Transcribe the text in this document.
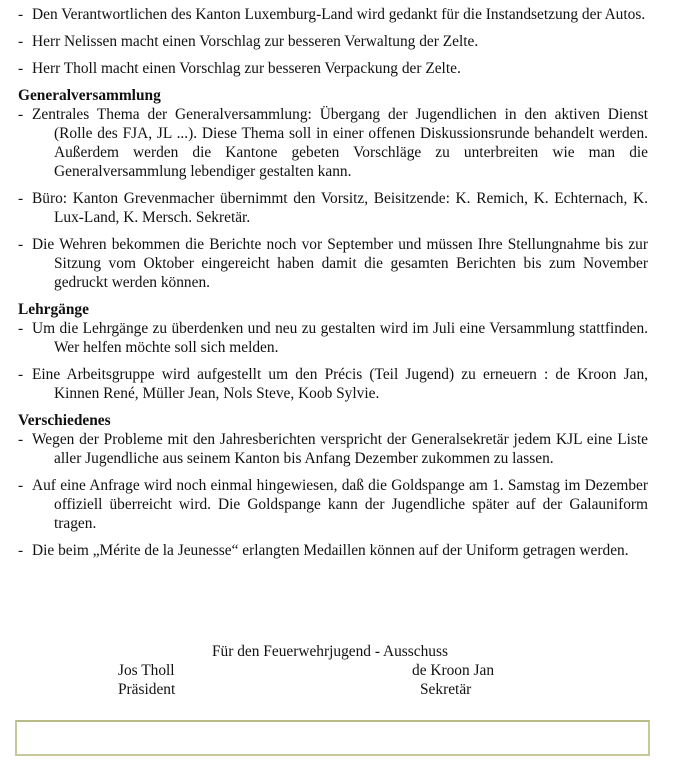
- Den Verantwortlichen des Kanton Luxemburg-Land wird gedankt für die Instandsetzung der Autos.
- Herr Nelissen macht einen Vorschlag zur besseren Verwaltung der Zelte.
- Herr Tholl macht einen Vorschlag zur besseren Verpackung der Zelte.
Generalversammlung
- Zentrales Thema der Generalversammlung: Übergang der Jugendlichen in den aktiven Dienst (Rolle des FJA, JL ...). Diese Thema soll in einer offenen Diskussionsrunde behandelt werden. Außerdem werden die Kantone gebeten Vorschläge zu unterbreiten wie man die Generalversammlung lebendiger gestalten kann.
- Büro: Kanton Grevenmacher übernimmt den Vorsitz, Beisitzende: K. Remich, K. Echternach, K. Lux-Land, K. Mersch. Sekretär.
- Die Wehren bekommen die Berichte noch vor September und müssen Ihre Stellungnahme bis zur Sitzung vom Oktober eingereicht haben damit die gesamten Berichten bis zum November gedruckt werden können.
Lehrgänge
- Um die Lehrgänge zu überdenken und neu zu gestalten wird im Juli eine Versammlung stattfinden. Wer helfen möchte soll sich melden.
- Eine Arbeitsgruppe wird aufgestellt um den Précis (Teil Jugend) zu erneuern : de Kroon Jan, Kinnen René, Müller Jean, Nols Steve, Koob Sylvie.
Verschiedenes
- Wegen der Probleme mit den Jahresberichten verspricht der Generalsekretär jedem KJL eine Liste aller Jugendliche aus seinem Kanton bis Anfang Dezember zukommen zu lassen.
- Auf eine Anfrage wird noch einmal hingewiesen, daß die Goldspange am 1. Samstag im Dezember offiziell überreicht wird. Die Goldspange kann der Jugendliche später auf der Galauniform tragen.
- Die beim „Mérite de la Jeunesse“ erlangten Medaillen können auf der Uniform getragen werden.
Für den Feuerwehrjugend - Ausschuss
Jos Tholl
Präsident
de Kroon Jan
Sekretär
